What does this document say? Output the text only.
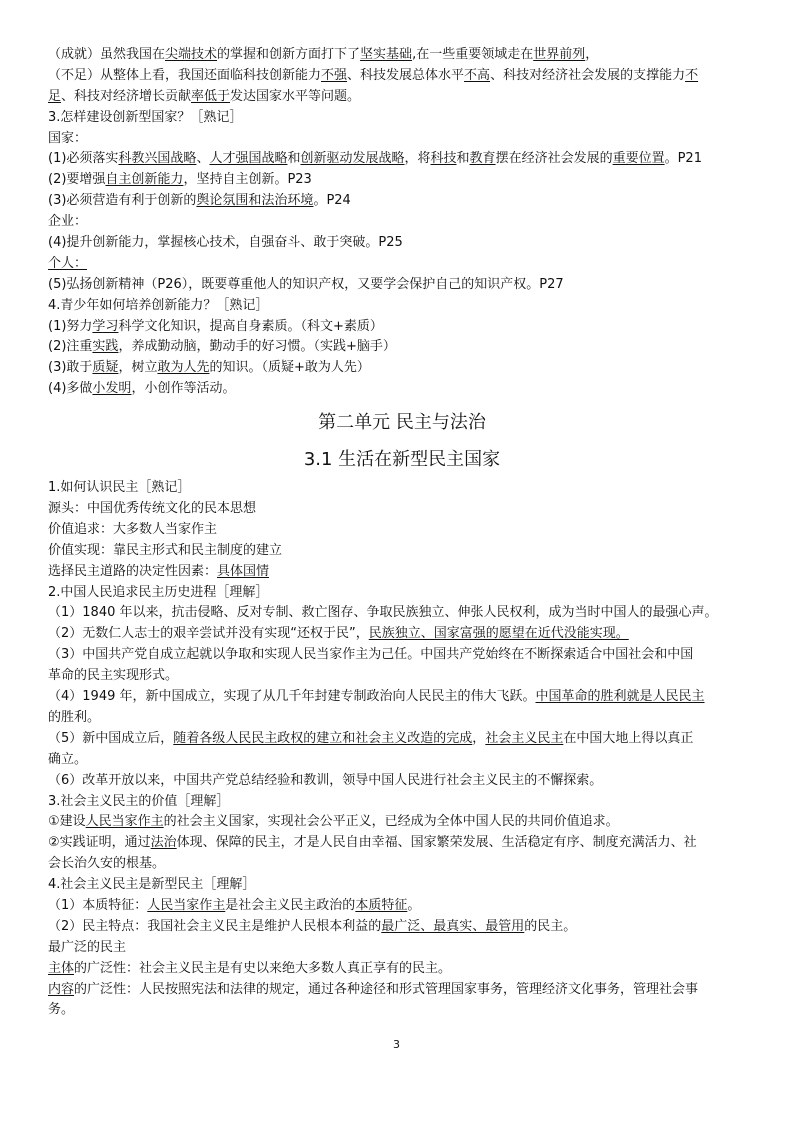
（成就）虽然我国在尖端技术的掌握和创新方面打下了坚实基础,在一些重要领域走在世界前列，
（不足）从整体上看，我国还面临科技创新能力不强、科技发展总体水平不高、科技对经济社会发展的支撑能力不
足、科技对经济增长贡献率低于发达国家水平等问题。
3.怎样建设创新型国家？［熟记］
国家：
(1)必须落实科教兴国战略、人才强国战略和创新驱动发展战略，将科技和教育摆在经济社会发展的重要位置。P21
(2)要增强自主创新能力，坚持自主创新。P23
(3)必须营造有利于创新的舆论氛围和法治环境。P24
企业：
(4)提升创新能力，掌握核心技术，自强奋斗、敢于突破。P25
个人：
(5)弘扬创新精神（P26），既要尊重他人的知识产权，又要学会保护自己的知识产权。P27
4.青少年如何培养创新能力？［熟记］
(1)努力学习科学文化知识，提高自身素质。（科文+素质）
(2)注重实践，养成勤动脑，勤动手的好习惯。（实践+脑手）
(3)敢于质疑，树立敢为人先的知识。（质疑+敢为人先）
(4)多做小发明，小创作等活动。
第二单元 民主与法治
3.1 生活在新型民主国家
1.如何认识民主［熟记］
源头：中国优秀传统文化的民本思想
价值追求：大多数人当家作主
价值实现：靠民主形式和民主制度的建立
选择民主道路的决定性因素：具体国情
2.中国人民追求民主历史进程［理解］
（1）1840 年以来，抗击侵略、反对专制、救亡图存、争取民族独立、伸张人民权利，成为当时中国人的最强心声。
（2）无数仁人志士的艰辛尝试并没有实现“还权于民”，民族独立、国家富强的愿望在近代没能实现。
（3）中国共产党自成立起就以争取和实现人民当家作主为己任。中国共产党始终在不断探索适合中国社会和中国
革命的民主实现形式。
（4）1949 年，新中国成立，实现了从几千年封建专制政治向人民民主的伟大飞跃。中国革命的胜利就是人民民主
的胜利。
（5）新中国成立后，随着各级人民民主政权的建立和社会主义改造的完成，社会主义民主在中国大地上得以真正
确立。
（6）改革开放以来，中国共产党总结经验和教训，领导中国人民进行社会主义民主的不懈探索。
3.社会主义民主的价值［理解］
①建设人民当家作主的社会主义国家，实现社会公平正义，已经成为全体中国人民的共同价值追求。
②实践证明，通过法治体现、保障的民主，才是人民自由幸福、国家繁荣发展、生活稳定有序、制度充满活力、社
会长治久安的根基。
4.社会主义民主是新型民主［理解］
（1）本质特征：人民当家作主是社会主义民主政治的本质特征。
（2）民主特点：我国社会主义民主是维护人民根本利益的最广泛、最真实、最管用的民主。
最广泛的民主
主体的广泛性：社会主义民主是有史以来绝大多数人真正享有的民主。
内容的广泛性：人民按照宪法和法律的规定，通过各种途径和形式管理国家事务，管理经济文化事务，管理社会事
务。
3
